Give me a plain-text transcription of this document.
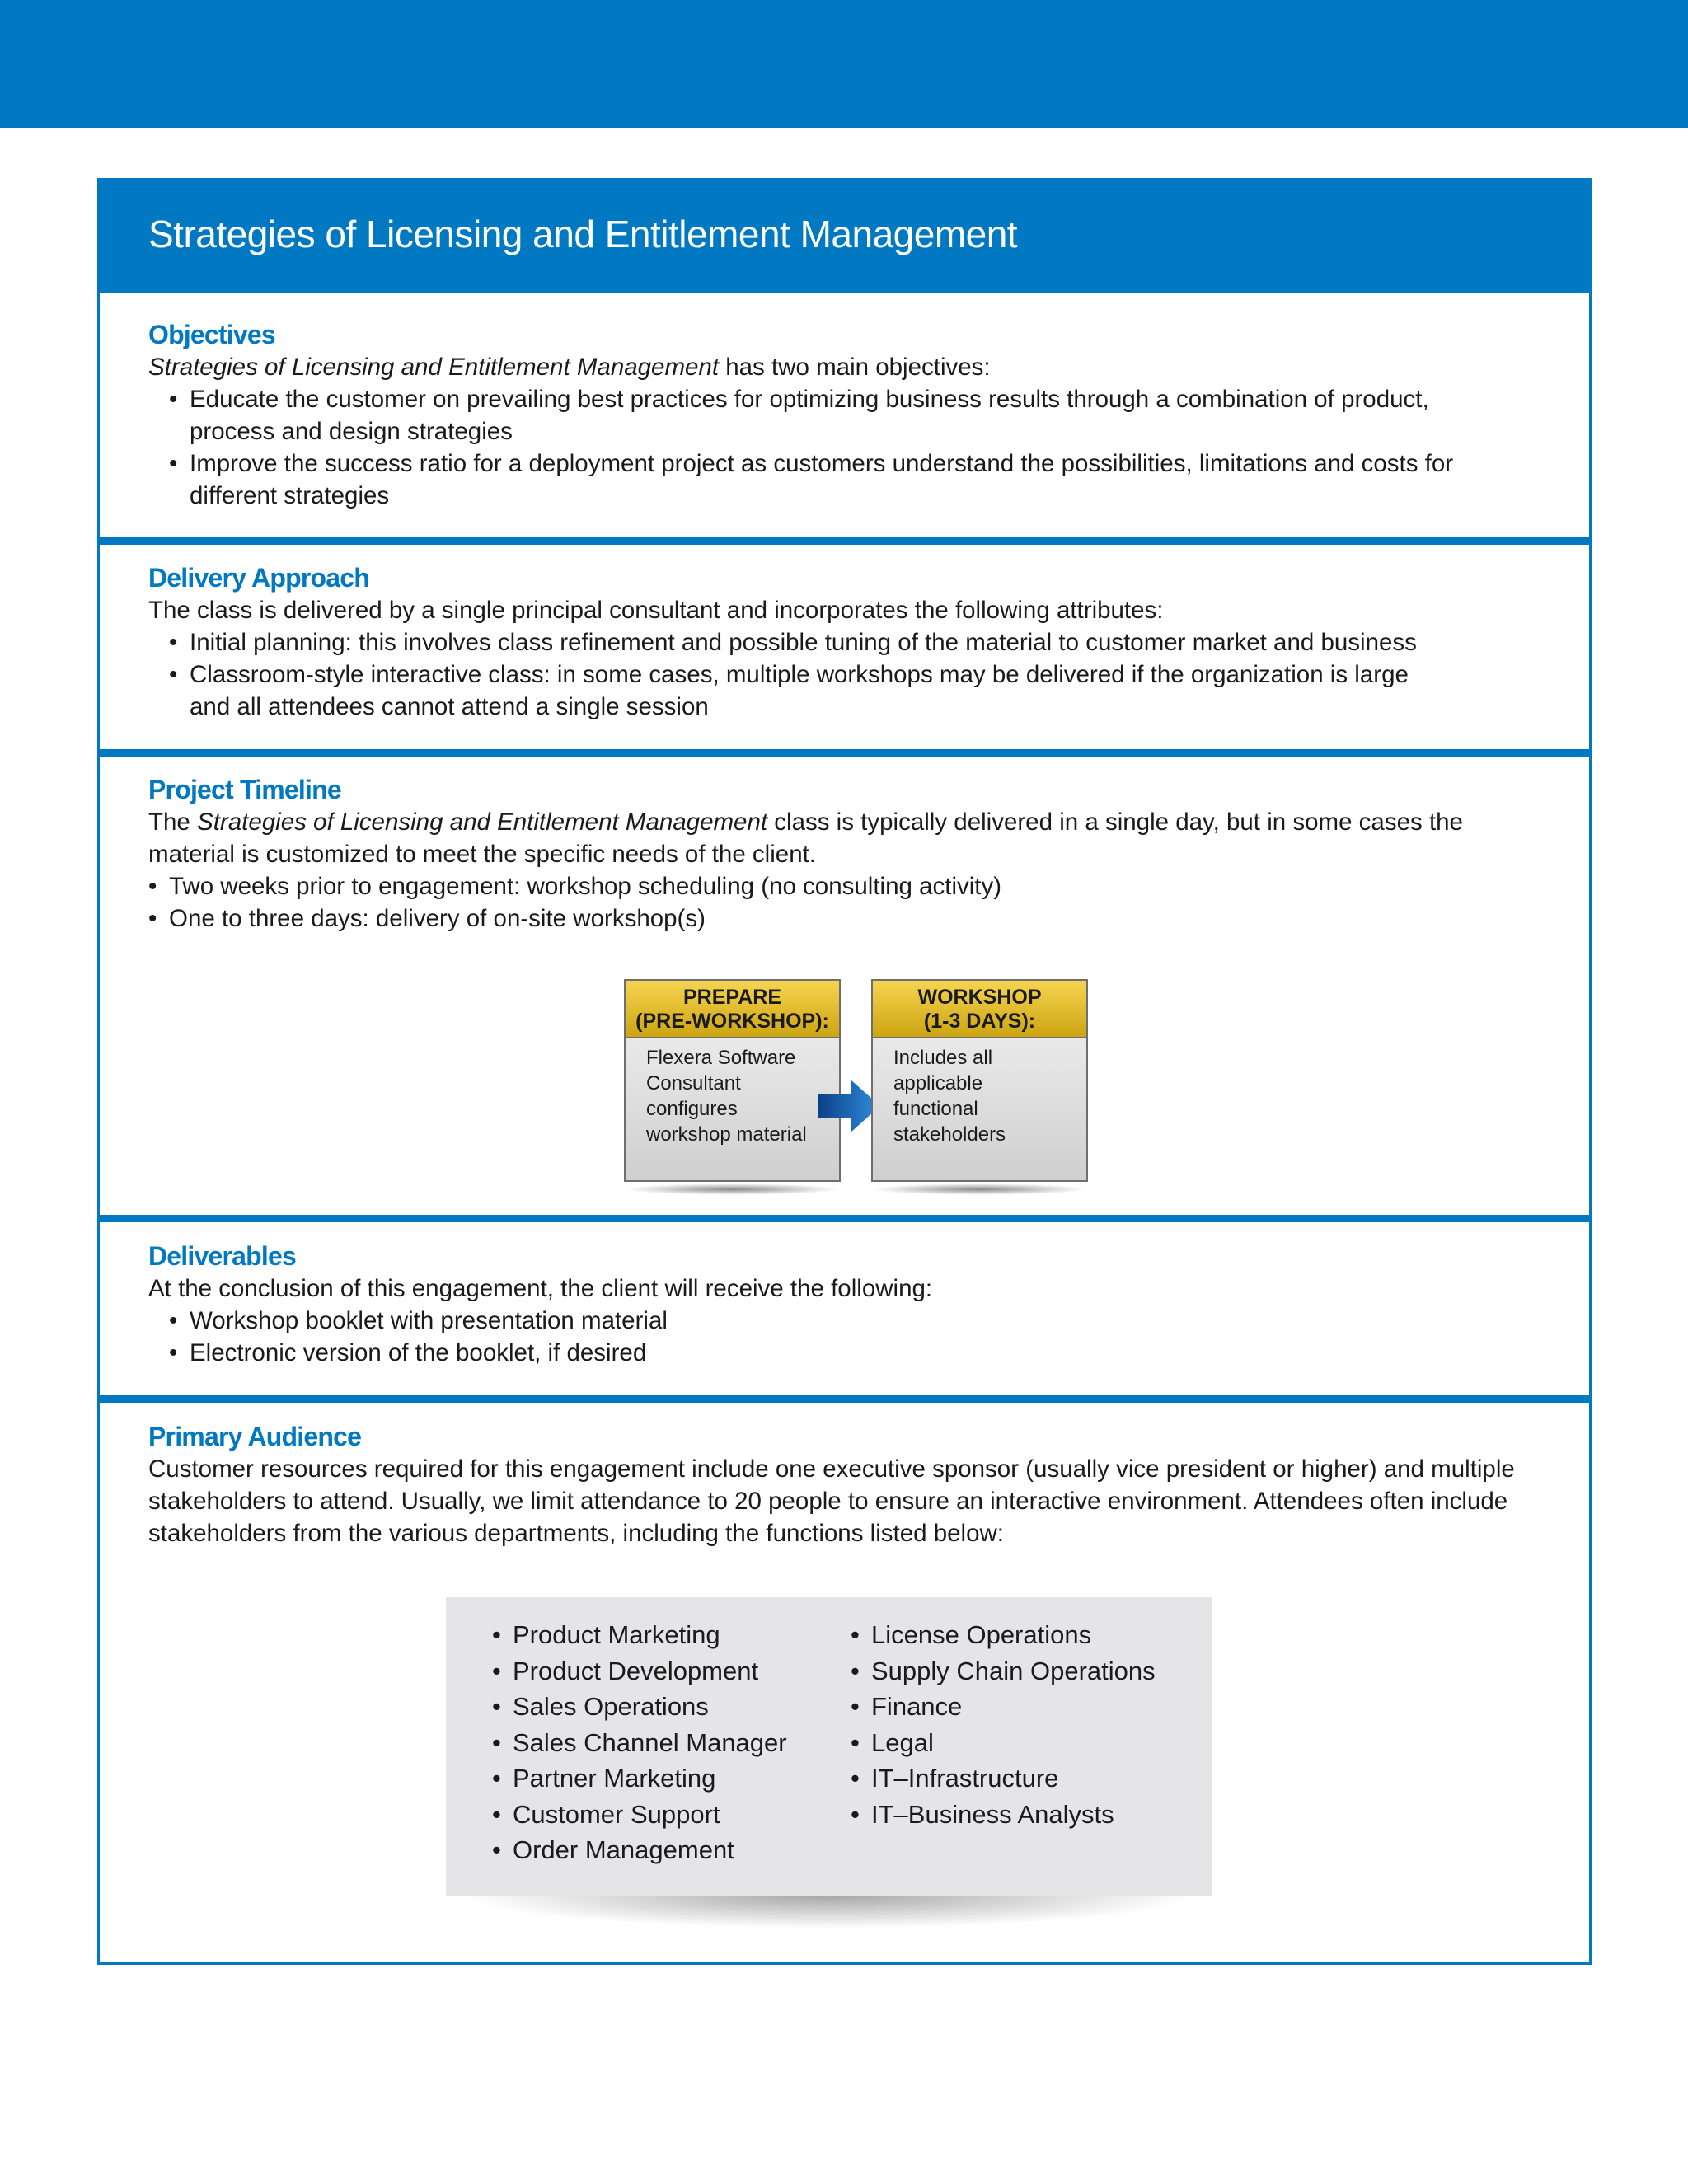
Strategies of Licensing and Entitlement Management
Objectives

Strategies of Licensing and Entitlement Management has two main objectives:

• Educate the customer on prevailing best practices for optimizing business results through a combination of product,
process and design strategies
• Improve the success ratio for a deployment project as customers understand the possibilities, limitations and costs for
different strategies
Delivery Approach

The class is delivered by a single principal consultant and incorporates the following attributes:

• Initial planning: this involves class refinement and possible tuning of the material to customer market and business
• Classroom-style interactive class: in some cases, multiple workshops may be delivered if the organization is large
and all attendees cannot attend a single session
Project Timeline

The Strategies of Licensing and Entitlement Management class is typically delivered in a single day, but in some cases the

material is customized to meet the specific needs of the client.

• Two weeks prior to engagement: workshop scheduling (no consulting activity)
• One to three days: delivery of on-site workshop(s)
Deliverables

At the conclusion of this engagement, the client will receive the following:

• Workshop booklet with presentation material
• Electronic version of the booklet, if desired
Primary Audience

Customer resources required for this engagement include one executive sponsor (usually vice president or higher) and multiple

stakeholders to attend. Usually, we limit attendance to 20 people to ensure an interactive environment. Attendees often include

stakeholders from the various departments, including the functions listed below:

PREPARE
(PRE-WORKSHOP):
Flexera Software
Consultant
configures
workshop material
WORKSHOP
(1-3 DAYS):
Includes all
applicable
functional
stakeholders
• Product Marketing
• Product Development
• Sales Operations
• Sales Channel Manager
• Partner Marketing
• Customer Support
• Order Management
• License Operations
• Supply Chain Operations
• Finance
• Legal
• IT–Infrastructure
• IT–Business Analysts
